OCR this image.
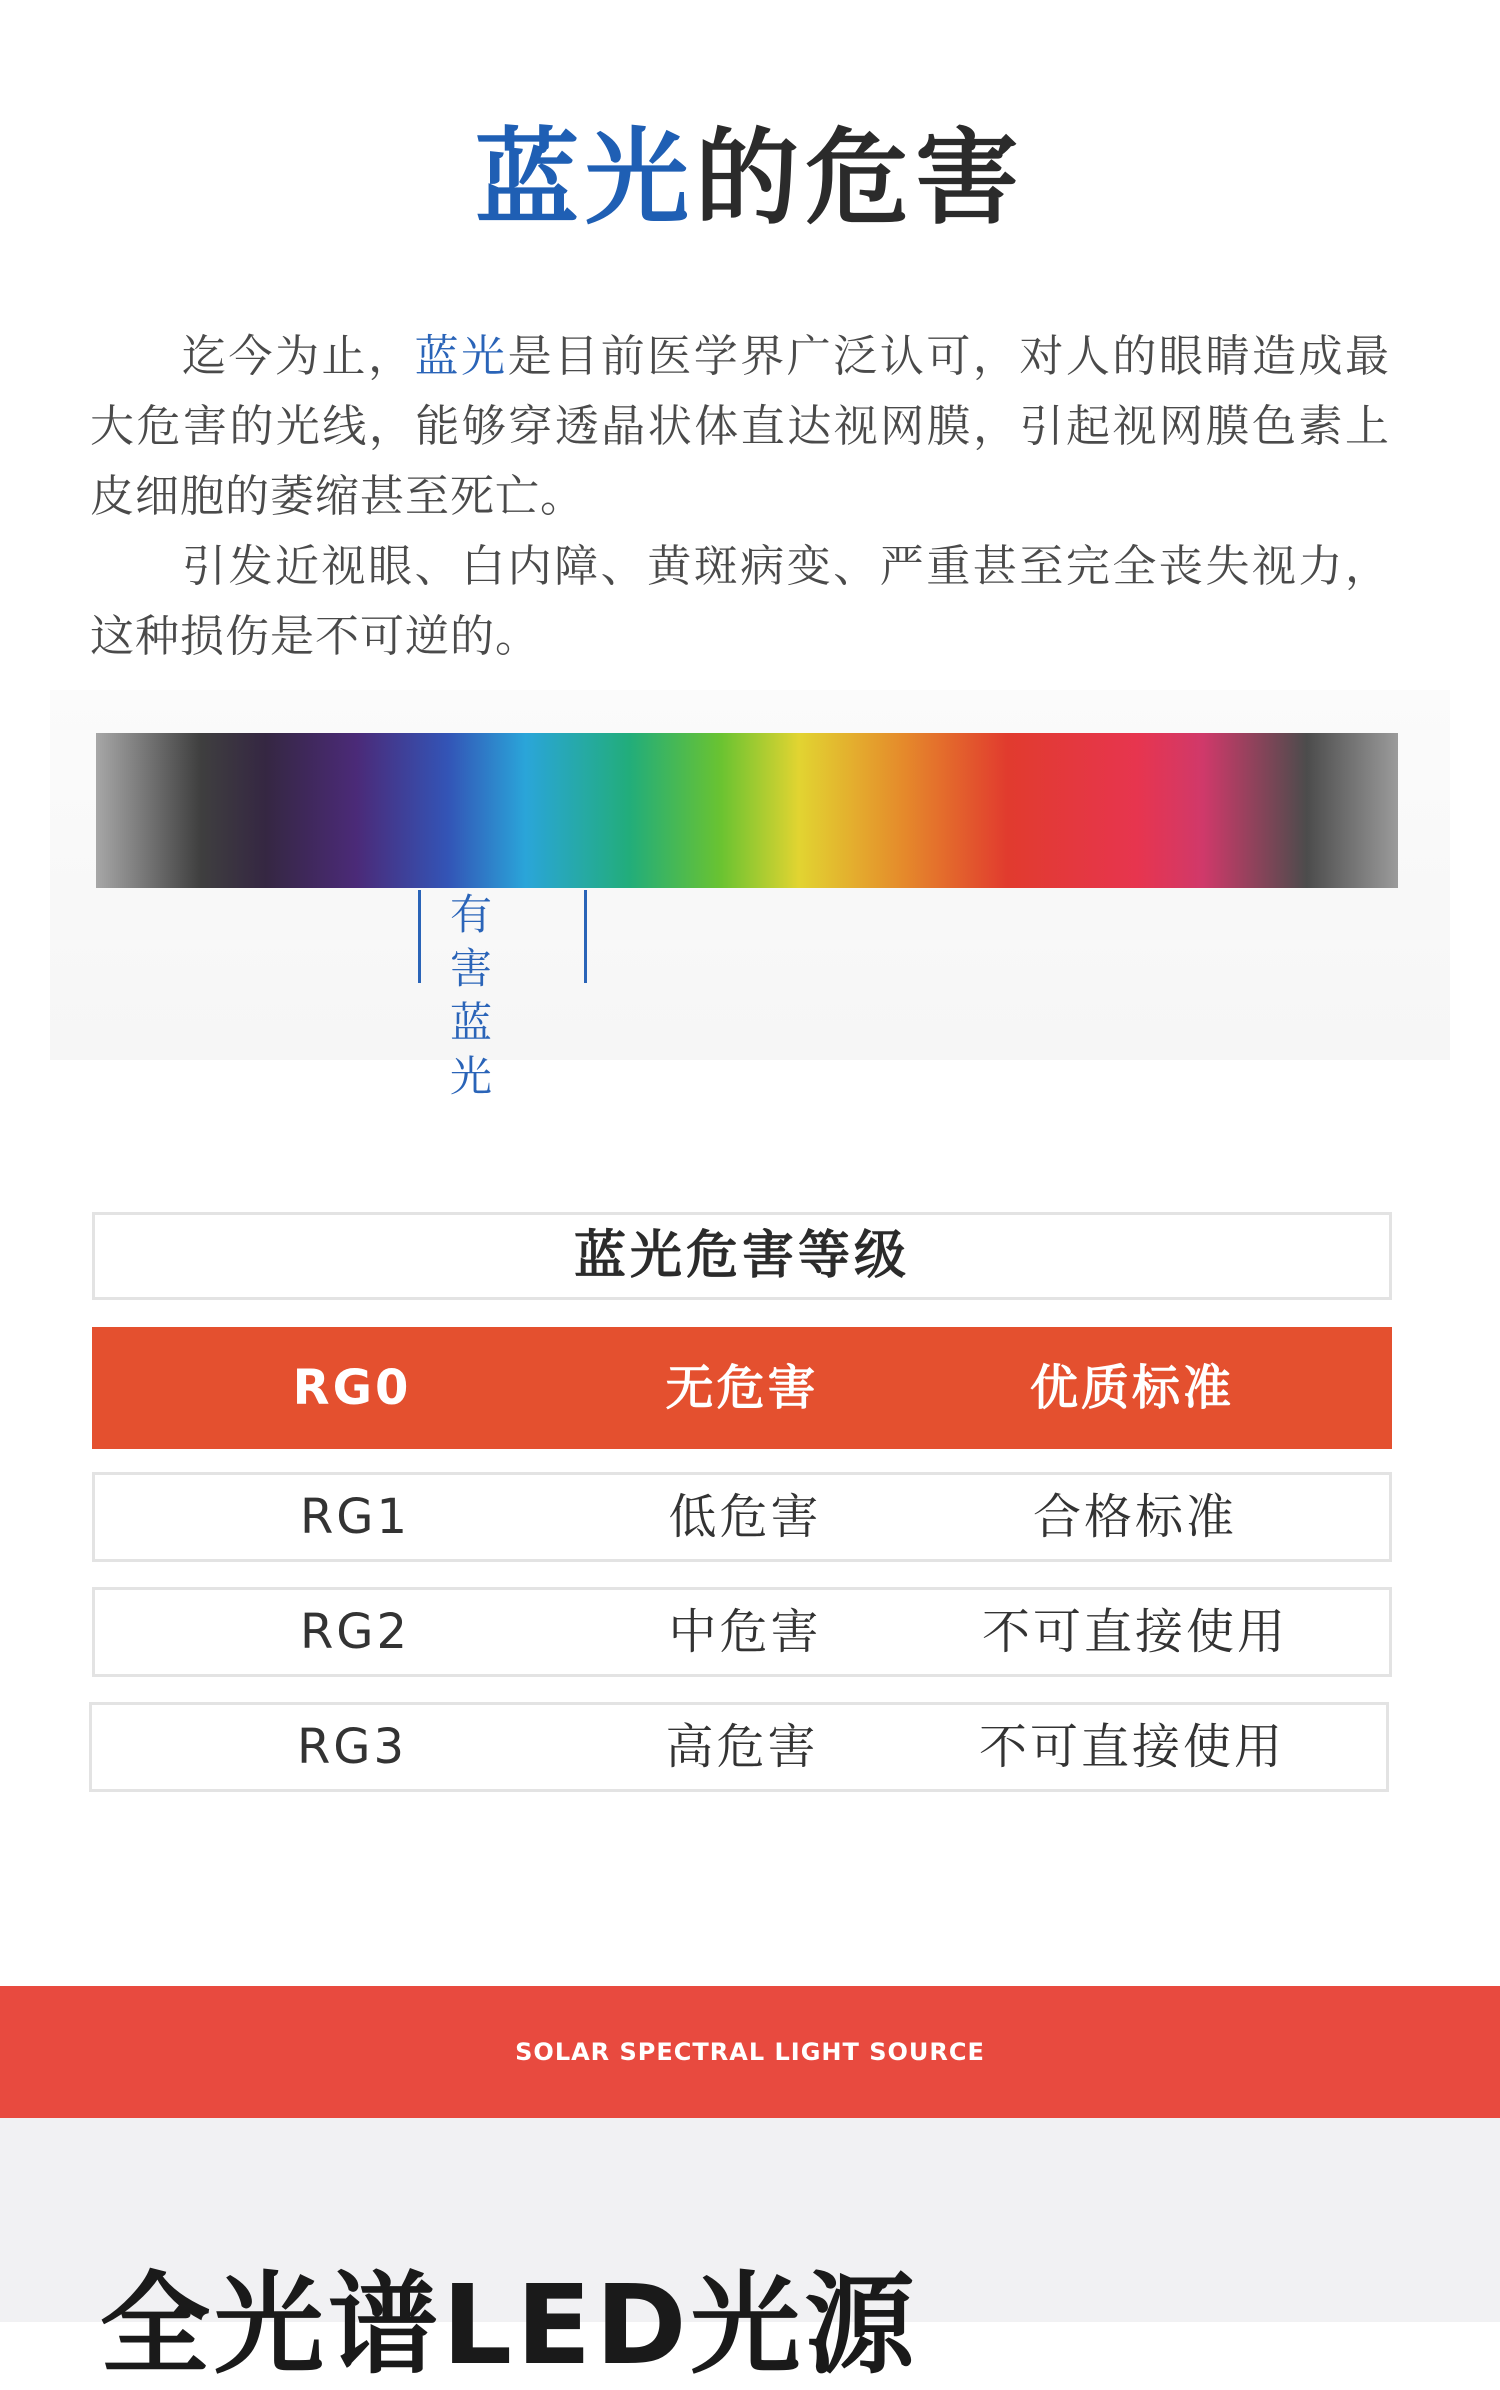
蓝光的危害
迄今为止，蓝光是目前医学界广泛认可，对人的眼睛造成最大危害的光线，能够穿透晶状体直达视网膜，引起视网膜色素上皮细胞的萎缩甚至死亡。
引发近视眼、白内障、黄斑病变、严重甚至完全丧失视力，这种损伤是不可逆的。
有害
蓝光
蓝光危害等级
RG0	无危害	优质标准
RG1	低危害	合格标准
RG2	中危害	不可直接使用
RG3	高危害	不可直接使用
SOLAR SPECTRAL LIGHT SOURCE
全光谱LED光源
